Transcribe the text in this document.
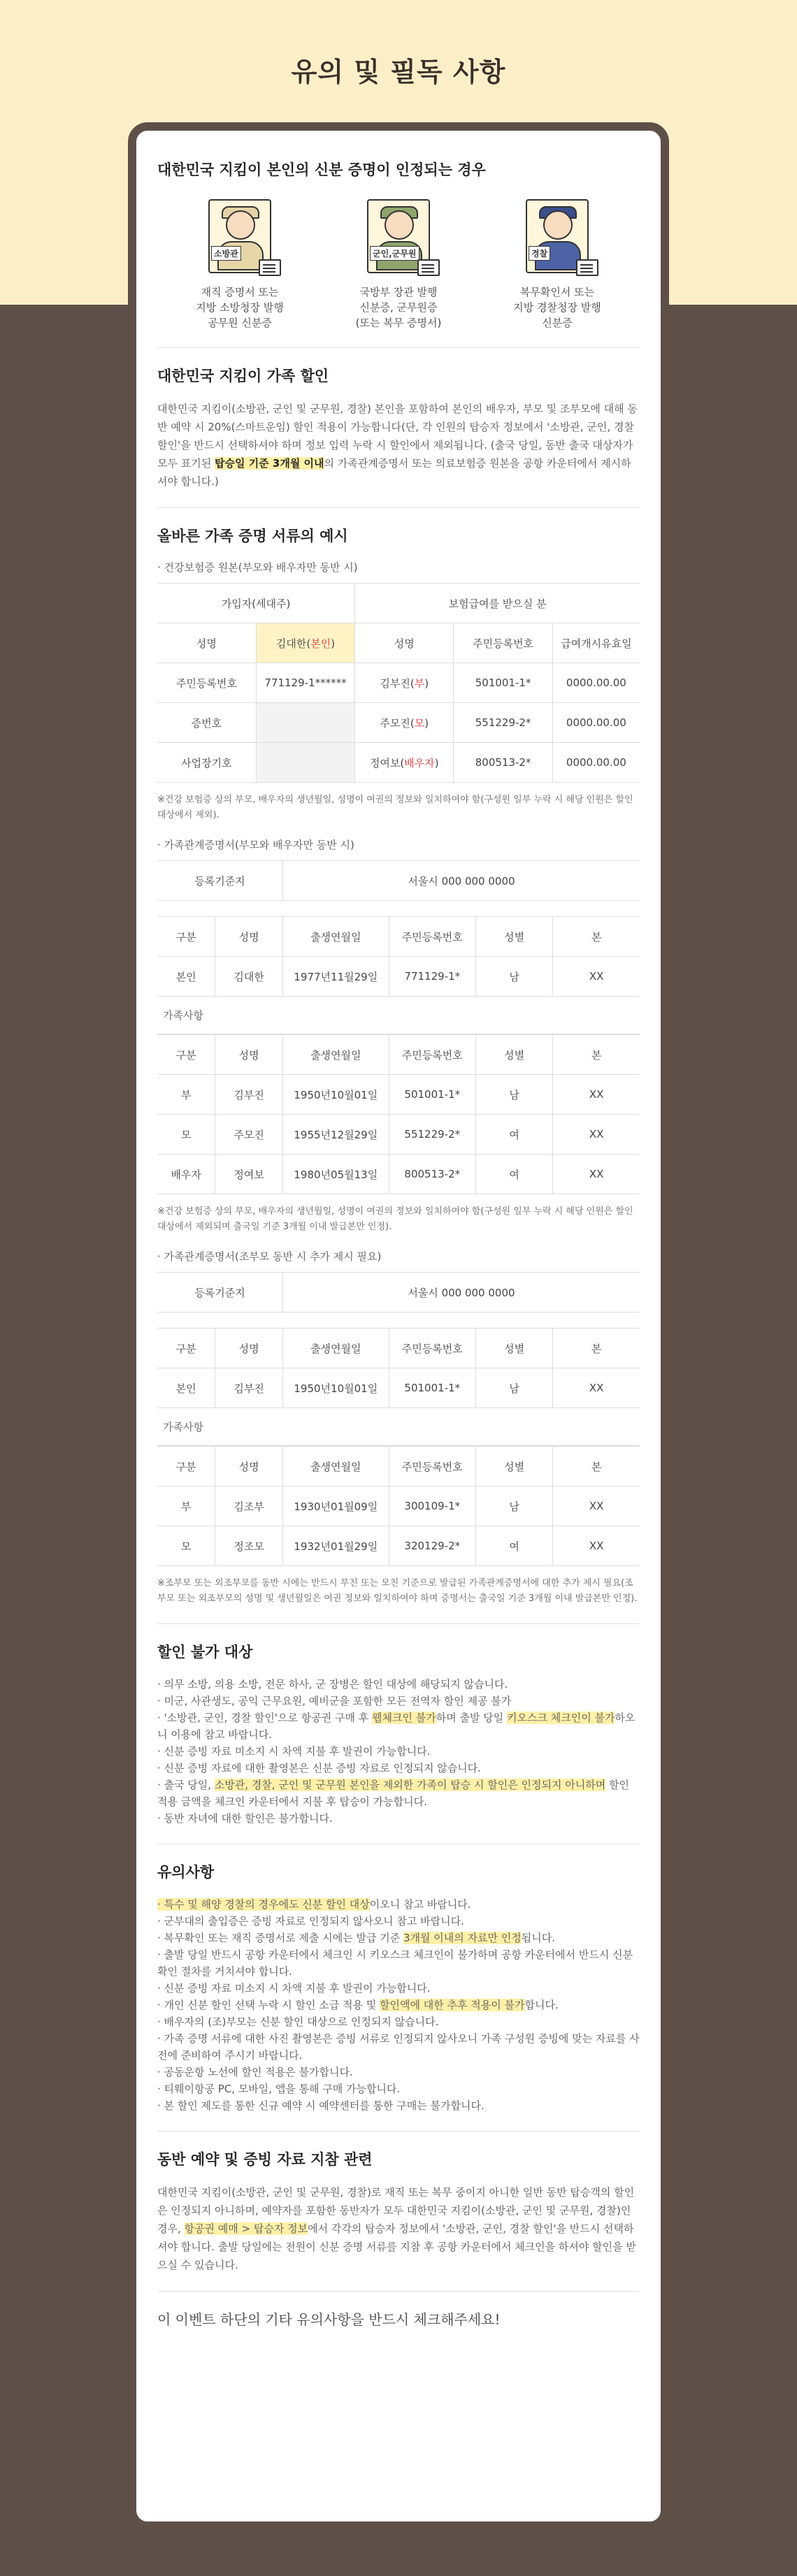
유의 및 필독 사항
대한민국 지킴이 본인의 신분 증명이 인정되는 경우
소방관
재직 증명서 또는
지방 소방청장 발행
공무원 신분증
군인,군무원
국방부 장관 발행
신분증, 군무원증
(또는 복무 증명서)
경찰
복무확인서 또는
지방 경찰청장 발행
신분증
대한민국 지킴이 가족 할인

대한민국 지킴이(소방관, 군인 및 군무원, 경찰) 본인을 포함하여 본인의 배우자, 부모 및 조부모에 대해 동반 예약 시 20%(스마트운임) 할인 적용이 가능합니다(단, 각 인원의 탑승자 정보에서 '소방관, 군인, 경찰 할인'을 반드시 선택하셔야 하며 정보 입력 누락 시 할인에서 제외됩니다. (출국 당일, 동반 출국 대상자가 모두 표기된 탑승일 기준 3개월 이내의 가족관계증명서 또는 의료보험증 원본을 공항 카운터에서 제시하셔야 합니다.)

올바른 가족 증명 서류의 예시
· 건강보험증 원본(부모와 배우자만 동반 시)
가입자(세대주)		보험급여를 받으실 분		
성명	김대한(본인)	성명	주민등록번호	급여개시유효일
주민등록번호	771129-1******	김부진(부)	501001-1*	0000.00.00
증번호		주모진(모)	551229-2*	0000.00.00
사업장기호		정여보(배우자)	800513-2*	0000.00.00
※건강 보험증 상의 부모, 배우자의 생년월일, 성명이 여권의 정보와 일치하여야 함(구성원 일부 누락 시 해당 인원은 할인 대상에서 제외).
· 가족관계증명서(부모와 배우자만 동반 시)
등록기준지	서울시 000 000 0000
구분	성명	출생연월일	주민등록번호	성별	본
본인	김대한	1977년11월29일	771129-1*	남	XX
가족사항
구분	성명	출생연월일	주민등록번호	성별	본
부	김부진	1950년10월01일	501001-1*	남	XX
모	주모진	1955년12월29일	551229-2*	여	XX
배우자	정여보	1980년05월13일	800513-2*	여	XX
※건강 보험증 상의 부모, 배우자의 생년월일, 성명이 여권의 정보와 일치하여야 함(구성원 일부 누락 시 해당 인원은 할인 대상에서 제외되며 출국일 기준 3개월 이내 발급본만 인정).
· 가족관계증명서(조부모 동반 시 추가 제시 필요)
등록기준지	서울시 000 000 0000
구분	성명	출생연월일	주민등록번호	성별	본
본인	김부진	1950년10월01일	501001-1*	남	XX
가족사항
구분	성명	출생연월일	주민등록번호	성별	본
부	김조부	1930년01월09일	300109-1*	남	XX
모	정조모	1932년01월29일	320129-2*	여	XX
※조부모 또는 외조부모를 동반 시에는 반드시 부친 또는 모친 기준으로 발급된 가족관계증명서에 대한 추가 제시 필요(조부모 또는 외조부모의 성명 및 생년월일은 여권 정보와 일치하여야 하며 증명서는 출국일 기준 3개월 이내 발급본만 인정).
할인 불가 대상
· 의무 소방, 의용 소방, 전문 하사, 군 장병은 할인 대상에 해당되지 않습니다.
· 미군, 사관생도, 공익 근무요원, 예비군을 포함한 모든 전역자 할인 제공 불가
· '소방관, 군인, 경찰 할인'으로 항공권 구매 후 웹체크인 불가하며 출발 당일 키오스크 체크인이 불가하오니 이용에 참고 바랍니다.
· 신분 증빙 자료 미소지 시 차액 지불 후 발권이 가능합니다.
· 신분 증빙 자료에 대한 촬영본은 신분 증빙 자료로 인정되지 않습니다.
· 출국 당일, 소방관, 경찰, 군인 및 군무원 본인을 제외한 가족이 탑승 시 할인은 인정되지 아니하며 할인 적용 금액을 체크인 카운터에서 지불 후 탑승이 가능합니다.
· 동반 자녀에 대한 할인은 불가합니다.
유의사항
· 특수 및 해양 경찰의 경우에도 신분 할인 대상이오니 참고 바랍니다.
· 군부대의 출입증은 증빙 자료로 인정되지 않사오니 참고 바랍니다.
· 복무확인 또는 재직 증명서로 제출 시에는 발급 기준 3개월 이내의 자료만 인정됩니다.
· 출발 당일 반드시 공항 카운터에서 체크인 시 키오스크 체크인이 불가하며 공항 카운터에서 반드시 신분 확인 절차를 거치셔야 합니다.
· 신분 증빙 자료 미소지 시 차액 지불 후 발권이 가능합니다.
· 개인 신분 할인 선택 누락 시 할인 소급 적용 및 할인액에 대한 추후 적용이 불가합니다.
· 배우자의 (조)부모는 신분 할인 대상으로 인정되지 않습니다.
· 가족 증명 서류에 대한 사진 촬영본은 증빙 서류로 인정되지 않사오니 가족 구성원 증빙에 맞는 자료를 사전에 준비하여 주시기 바랍니다.
· 공동운항 노선에 할인 적용은 불가합니다.
· 티웨이항공 PC, 모바일, 앱을 통해 구매 가능합니다.
· 본 할인 제도를 통한 신규 예약 시 예약센터를 통한 구매는 불가합니다.
동반 예약 및 증빙 자료 지참 관련

대한민국 지킴이(소방관, 군인 및 군무원, 경찰)로 재직 또는 복무 중이지 아니한 일반 동반 탑승객의 할인은 인정되지 아니하며, 예약자를 포함한 동반자가 모두 대한민국 지킴이(소방관, 군인 및 군무원, 경찰)인 경우, 항공권 예매 > 탑승자 정보에서 각각의 탑승자 정보에서 '소방관, 군인, 경찰 할인'을 반드시 선택하셔야 합니다. 출발 당일에는 전원이 신분 증명 서류를 지참 후 공항 카운터에서 체크인을 하셔야 할인을 받으실 수 있습니다.

이 이벤트 하단의 기타 유의사항을 반드시 체크해주세요!
